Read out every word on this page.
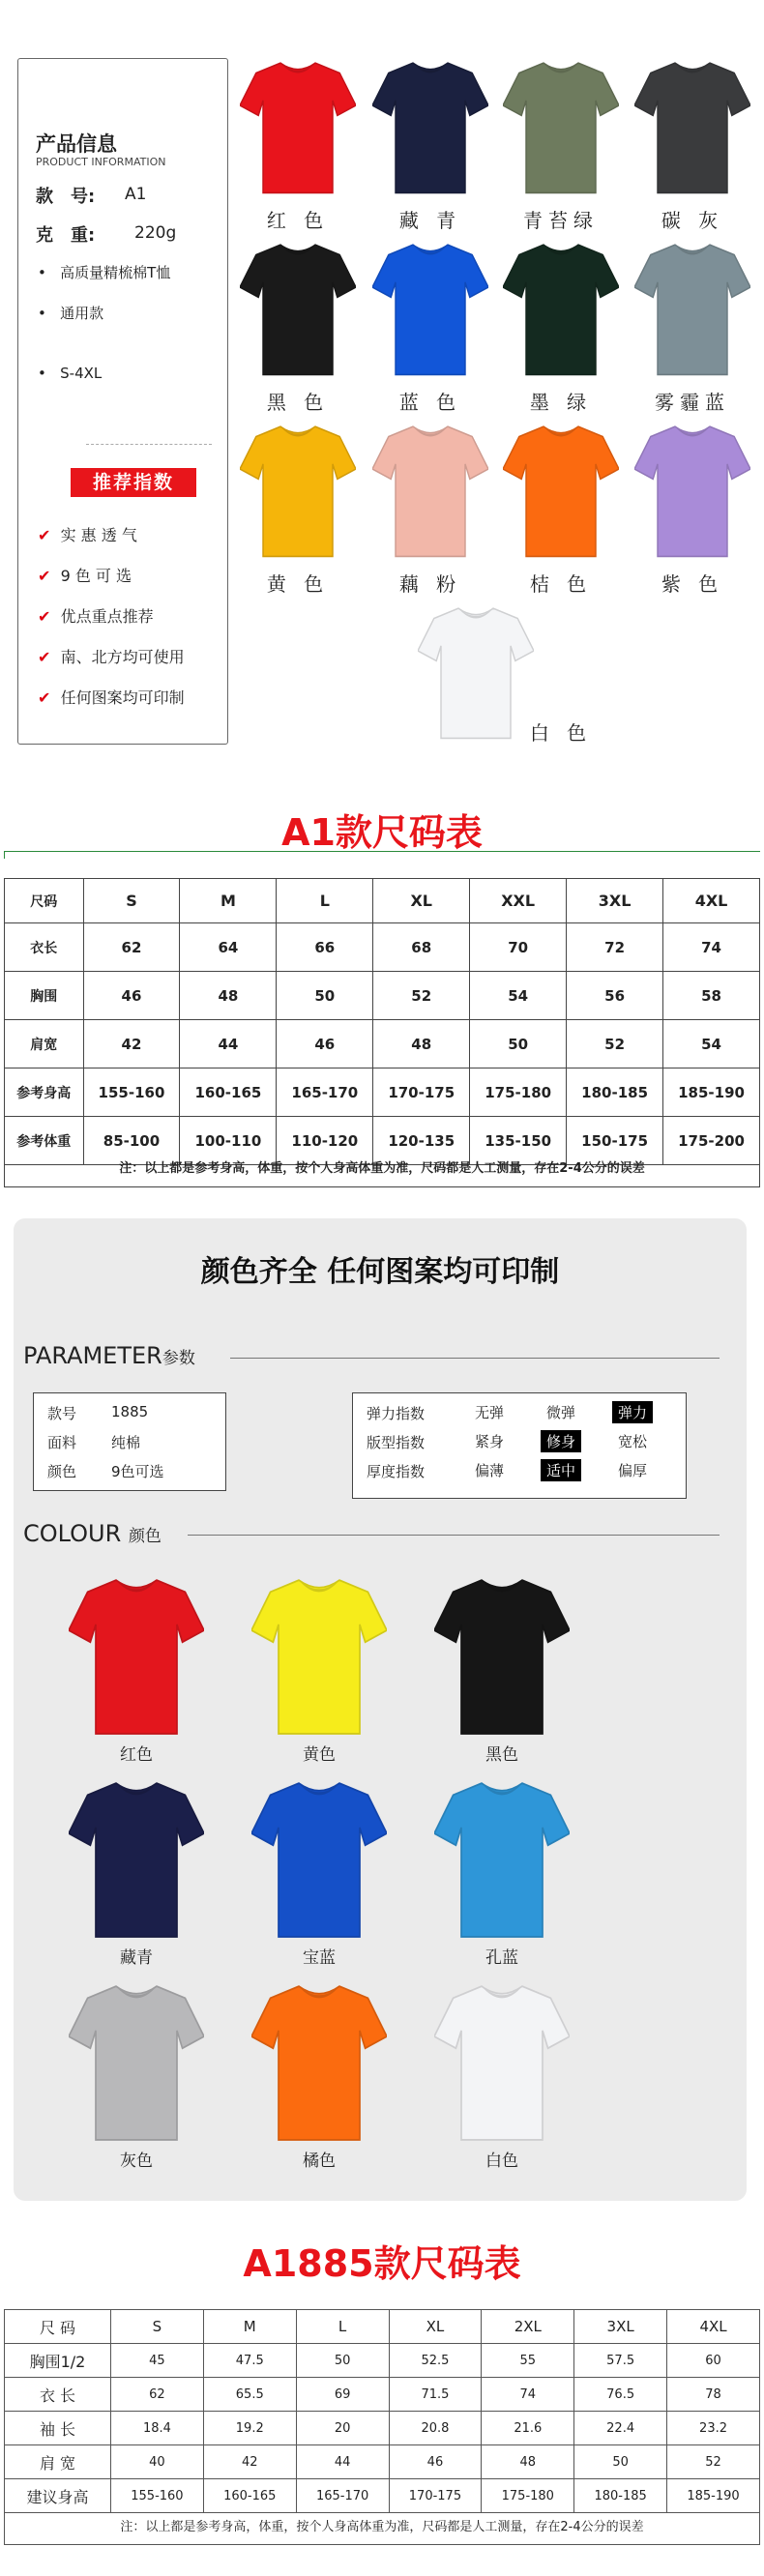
产品信息
PRODUCT INFORMATION
款　号: A1
克　重: 220g
•   高质量精梳棉T恤
•   通用款
•   S-4XL
推荐指数
✔ 实 惠 透 气
✔ 9 色 可 选
✔ 优点重点推荐
✔ 南、北方均可使用
✔ 任何图案均可印制
红 色	藏 青	青苔绿	碳 灰
黑 色	蓝 色	墨 绿	雾霾蓝
黄 色	藕 粉	桔 色	紫 色
白 色
A1款尺码表
尺码	S	M	L	XL	XXL	3XL	4XL
衣长	62	64	66	68	70	72	74
胸围	46	48	50	52	54	56	58
肩宽	42	44	46	48	50	52	54
参考身高	155-160	160-165	165-170	170-175	175-180	180-185	185-190
参考体重	85-100	100-110	110-120	120-135	135-150	150-175	175-200
注：以上都是参考身高，体重，按个人身高体重为准，尺码都是人工测量，存在2-4公分的误差
颜色齐全 任何图案均可印制
PARAMETER参数
款号 1885
面料 纯棉
颜色 9色可选
弹力指数	无弹	微弹	弹力
版型指数	紧身	修身	宽松
厚度指数	偏薄	适中	偏厚
COLOUR 颜色
红色	黄色	黑色
藏青	宝蓝	孔蓝
灰色	橘色	白色
A1885款尺码表
尺 码	S	M	L	XL	2XL	3XL	4XL
胸围1/2	45	47.5	50	52.5	55	57.5	60
衣 长	62	65.5	69	71.5	74	76.5	78
袖 长	18.4	19.2	20	20.8	21.6	22.4	23.2
肩 宽	40	42	44	46	48	50	52
建议身高	155-160	160-165	165-170	170-175	175-180	180-185	185-190
注：以上都是参考身高，体重，按个人身高体重为准，尺码都是人工测量，存在2-4公分的误差
